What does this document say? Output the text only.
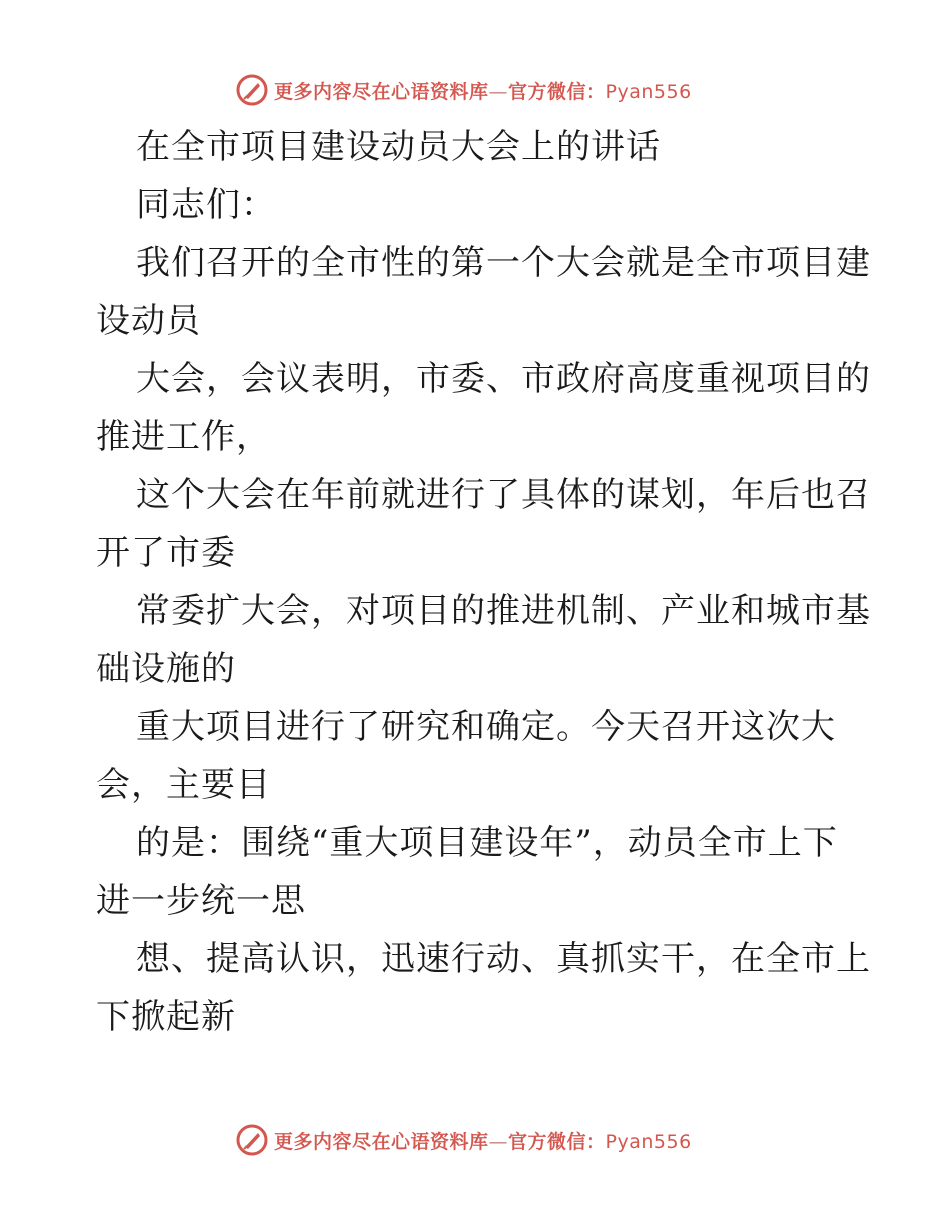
更多内容尽在心语资料库—官方微信：Pyan556
在全市项目建设动员大会上的讲话
同志们：
我们召开的全市性的第一个大会就是全市项目建
设动员
大会，会议表明，市委、市政府高度重视项目的
推进工作，
这个大会在年前就进行了具体的谋划，年后也召
开了市委
常委扩大会，对项目的推进机制、产业和城市基
础设施的
重大项目进行了研究和确定。今天召开这次大
会，主要目
的是：围绕“重大项目建设年”，动员全市上下
进一步统一思
想、提高认识，迅速行动、真抓实干，在全市上
下掀起新
更多内容尽在心语资料库—官方微信：Pyan556
